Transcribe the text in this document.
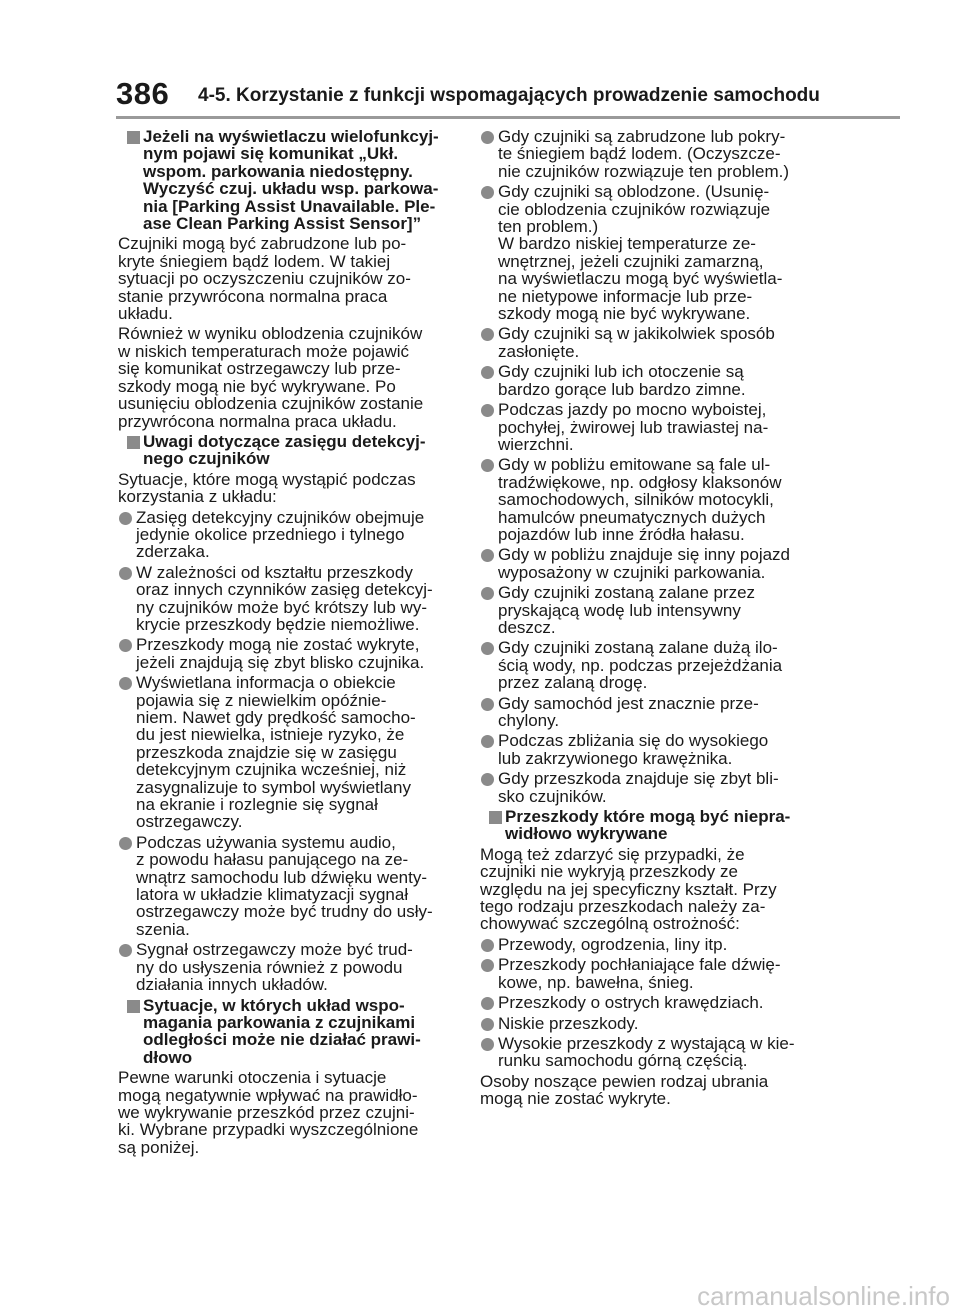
386 4-5. Korzystanie z funkcji wspomagających prowadzenie samochodu
Jeżeli na wyświetlaczu wielofunkcyj-
nym pojawi się komunikat „Ukł.
wspom. parkowania niedostępny.
Wyczyść czuj. układu wsp. parkowa-
nia [Parking Assist Unavailable. Ple-
ase Clean Parking Assist Sensor]”
Czujniki mogą być zabrudzone lub po-
kryte śniegiem bądź lodem. W takiej
sytuacji po oczyszczeniu czujników zo-
stanie przywrócona normalna praca
układu.
Również w wyniku oblodzenia czujników
w niskich temperaturach może pojawić
się komunikat ostrzegawczy lub prze-
szkody mogą nie być wykrywane. Po
usunięciu oblodzenia czujników zostanie
przywrócona normalna praca układu.
Uwagi dotyczące zasięgu detekcyj-
nego czujników
Sytuacje, które mogą wystąpić podczas
korzystania z układu:
Zasięg detekcyjny czujników obejmuje
jedynie okolice przedniego i tylnego
zderzaka.
W zależności od kształtu przeszkody
oraz innych czynników zasięg detekcyj-
ny czujników może być krótszy lub wy-
krycie przeszkody będzie niemożliwe.
Przeszkody mogą nie zostać wykryte,
jeżeli znajdują się zbyt blisko czujnika.
Wyświetlana informacja o obiekcie
pojawia się z niewielkim opóźnie-
niem. Nawet gdy prędkość samocho-
du jest niewielka, istnieje ryzyko, że
przeszkoda znajdzie się w zasięgu
detekcyjnym czujnika wcześniej, niż
zasygnalizuje to symbol wyświetlany
na ekranie i rozlegnie się sygnał
ostrzegawczy.
Podczas używania systemu audio,
z powodu hałasu panującego na ze-
wnątrz samochodu lub dźwięku wenty-
latora w układzie klimatyzacji sygnał
ostrzegawczy może być trudny do usły-
szenia.
Sygnał ostrzegawczy może być trud-
ny do usłyszenia również z powodu
działania innych układów.
Sytuacje, w których układ wspo-
magania parkowania z czujnikami
odległości może nie działać prawi-
dłowo
Pewne warunki otoczenia i sytuacje
mogą negatywnie wpływać na prawidło-
we wykrywanie przeszkód przez czujni-
ki. Wybrane przypadki wyszczególnione
są poniżej.
Gdy czujniki są zabrudzone lub pokry-
te śniegiem bądź lodem. (Oczyszcze-
nie czujników rozwiązuje ten problem.)
Gdy czujniki są oblodzone. (Usunię-
cie oblodzenia czujników rozwiązuje
ten problem.)
W bardzo niskiej temperaturze ze-
wnętrznej, jeżeli czujniki zamarzną,
na wyświetlaczu mogą być wyświetla-
ne nietypowe informacje lub prze-
szkody mogą nie być wykrywane.
Gdy czujniki są w jakikolwiek sposób
zasłonięte.
Gdy czujniki lub ich otoczenie są
bardzo gorące lub bardzo zimne.
Podczas jazdy po mocno wyboistej,
pochyłej, żwirowej lub trawiastej na-
wierzchni.
Gdy w pobliżu emitowane są fale ul-
tradźwiękowe, np. odgłosy klaksonów
samochodowych, silników motocykli,
hamulców pneumatycznych dużych
pojazdów lub inne źródła hałasu.
Gdy w pobliżu znajduje się inny pojazd
wyposażony w czujniki parkowania.
Gdy czujniki zostaną zalane przez
pryskającą wodę lub intensywny
deszcz.
Gdy czujniki zostaną zalane dużą ilo-
ścią wody, np. podczas przejeżdżania
przez zalaną drogę.
Gdy samochód jest znacznie prze-
chylony.
Podczas zbliżania się do wysokiego
lub zakrzywionego krawężnika.
Gdy przeszkoda znajduje się zbyt bli-
sko czujników.
Przeszkody które mogą być niepra-
widłowo wykrywane
Mogą też zdarzyć się przypadki, że
czujniki nie wykryją przeszkody ze
względu na jej specyficzny kształt. Przy
tego rodzaju przeszkodach należy za-
chowywać szczególną ostrożność:
Przewody, ogrodzenia, liny itp.
Przeszkody pochłaniające fale dźwię-
kowe, np. bawełna, śnieg.
Przeszkody o ostrych krawędziach.
Niskie przeszkody.
Wysokie przeszkody z wystającą w kie-
runku samochodu górną częścią.
Osoby noszące pewien rodzaj ubrania
mogą nie zostać wykryte.
carmanualsonline.info
